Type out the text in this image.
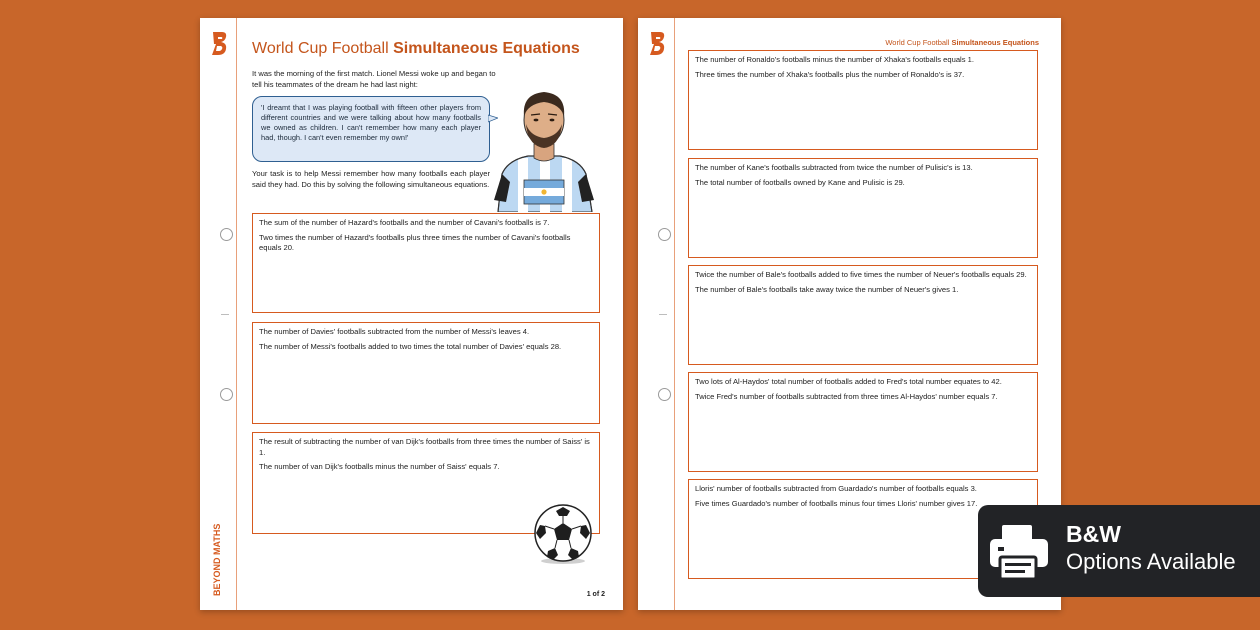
BEYOND MATHS
World Cup Football Simultaneous Equations
It was the morning of the first match. Lionel Messi woke up and began to tell his teammates of the dream he had last night:
'I dreamt that I was playing football with fifteen other players from different countries and we were talking about how many footballs we owned as children. I can't remember how many each player had, though. I can't even remember my own!'
Your task is to help Messi remember how many footballs each player said they had. Do this by solving the following simultaneous equations.

The sum of the number of Hazard's footballs and the number of Cavani's footballs is 7.

Two times the number of Hazard's footballs plus three times the number of Cavani's footballs equals 20.

The number of Davies' footballs subtracted from the number of Messi's leaves 4.

The number of Messi's footballs added to two times the total number of Davies' equals 28.

The result of subtracting the number of van Dijk's footballs from three times the number of Saiss' is 1.

The number of van Dijk's footballs minus the number of Saiss' equals 7.

1 of 2
World Cup Football Simultaneous Equations

The number of Ronaldo's footballs minus the number of Xhaka's footballs equals 1.

Three times the number of Xhaka's footballs plus the number of Ronaldo's is 37.

The number of Kane's footballs subtracted from twice the number of Pulisic's is 13.

The total number of footballs owned by Kane and Pulisic is 29.

Twice the number of Bale's footballs added to five times the number of Neuer's footballs equals 29.

The number of Bale's footballs take away twice the number of Neuer's gives 1.

Two lots of Al-Haydos' total number of footballs added to Fred's total number equates to 42.

Twice Fred's number of footballs subtracted from three times Al-Haydos' number equals 7.

Lloris' number of footballs subtracted from Guardado's number of footballs equals 3.

Five times Guardado's number of footballs minus four times Lloris' number gives 17.

B&W
Options Available
